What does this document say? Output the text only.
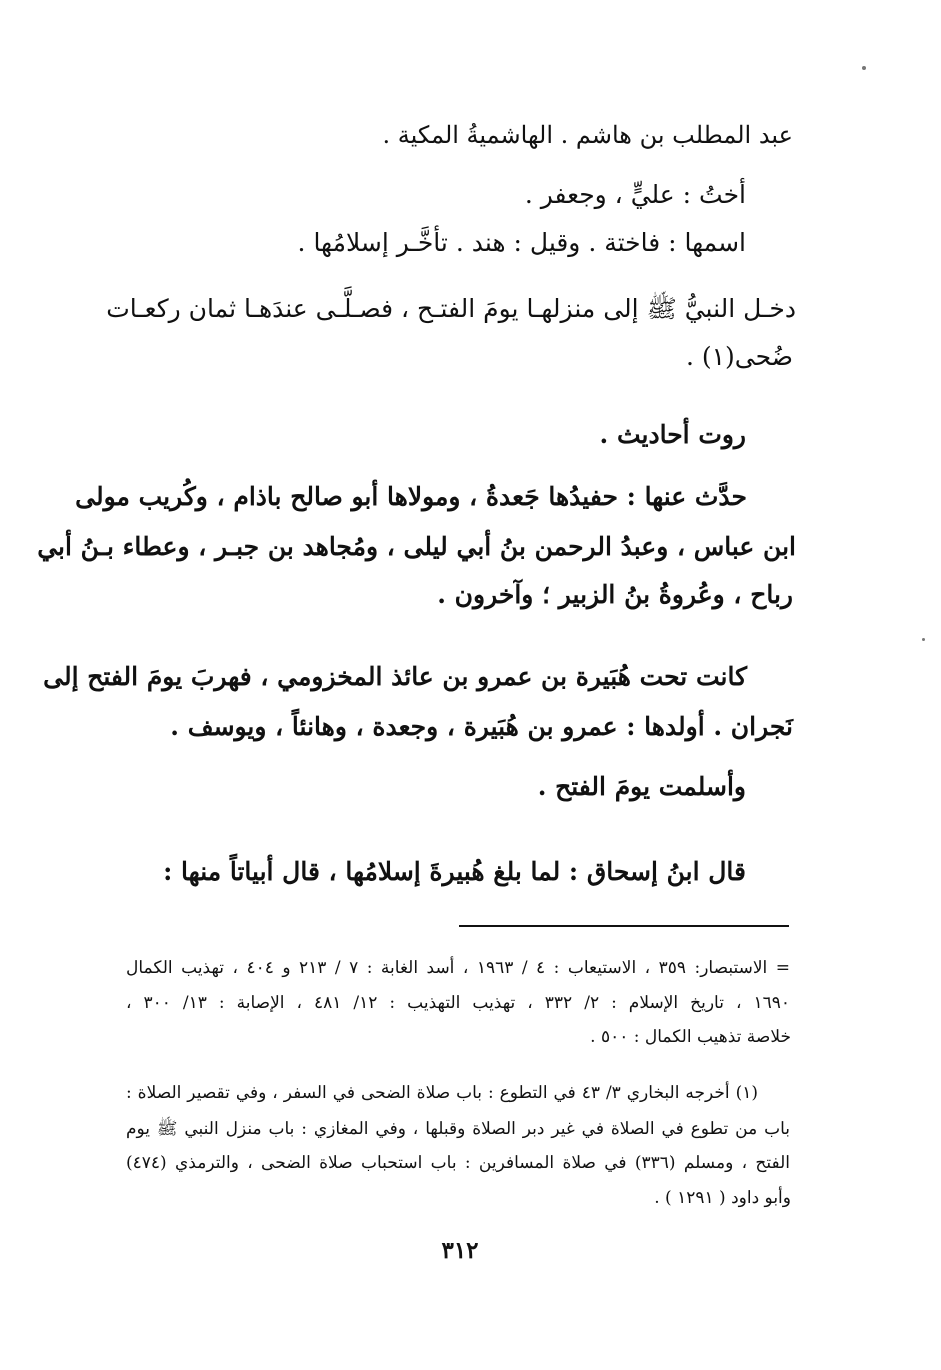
عبد المطلب بن هاشم . الهاشميةُ المكية .
أختُ : عليٍّ ، وجعفر .
اسمها : فاختة . وقيل : هند . تأخَّـر إسلامُها .
دخـل النبيُّ ﷺ إلى منزلهـا يومَ الفتـح ، فصـلَّـى عندَهـا ثمان ركعـات
ضُحى(١) .
روت أحاديث .
حدَّث عنها : حفيدُها جَعدةُ ، ومولاها أبو صالح باذام ، وكُريب مولى
ابن عباس ، وعبدُ الرحمن بنُ أبي ليلى ، ومُجاهد بن جبـر ، وعطاء بـنُ أبي
رباح ، وعُروةُ بنُ الزبير ؛ وآخرون .
كانت تحت هُبَيرة بن عمرو بن عائذ المخزومي ، فهربَ يومَ الفتح إلى
نَجران . أولدها : عمرو بن هُبَيرة ، وجعدة ، وهانئاً ، ويوسف .
وأسلمت يومَ الفتح .
قال ابنُ إسحاق : لما بلغ هُبيرةَ إسلامُها ، قال أبياتاً منها :
= الاستبصار: ٣٥٩ ، الاستيعاب : ٤ / ١٩٦٣ ، أسد الغابة : ٧ / ٢١٣ و ٤٠٤ ، تهذيب الكمال
١٦٩٠ ، تاريخ الإسلام : ٢/ ٣٣٢ ، تهذيب التهذيب : ١٢/ ٤٨١ ، الإصابة : ١٣/ ٣٠٠ ،
خلاصة تذهيب الكمال : ٥٠٠ .
(١) أخرجه البخاري ٣/ ٤٣ في التطوع : باب صلاة الضحى في السفر ، وفي تقصير الصلاة :
باب من تطوع في الصلاة في غير دبر الصلاة وقبلها ، وفي المغازي : باب منزل النبي ﷺ يوم
الفتح ، ومسلم (٣٣٦) في صلاة المسافرين : باب استحباب صلاة الضحى ، والترمذي (٤٧٤)
وأبو داود ( ١٢٩١ ) .
٣١٢
